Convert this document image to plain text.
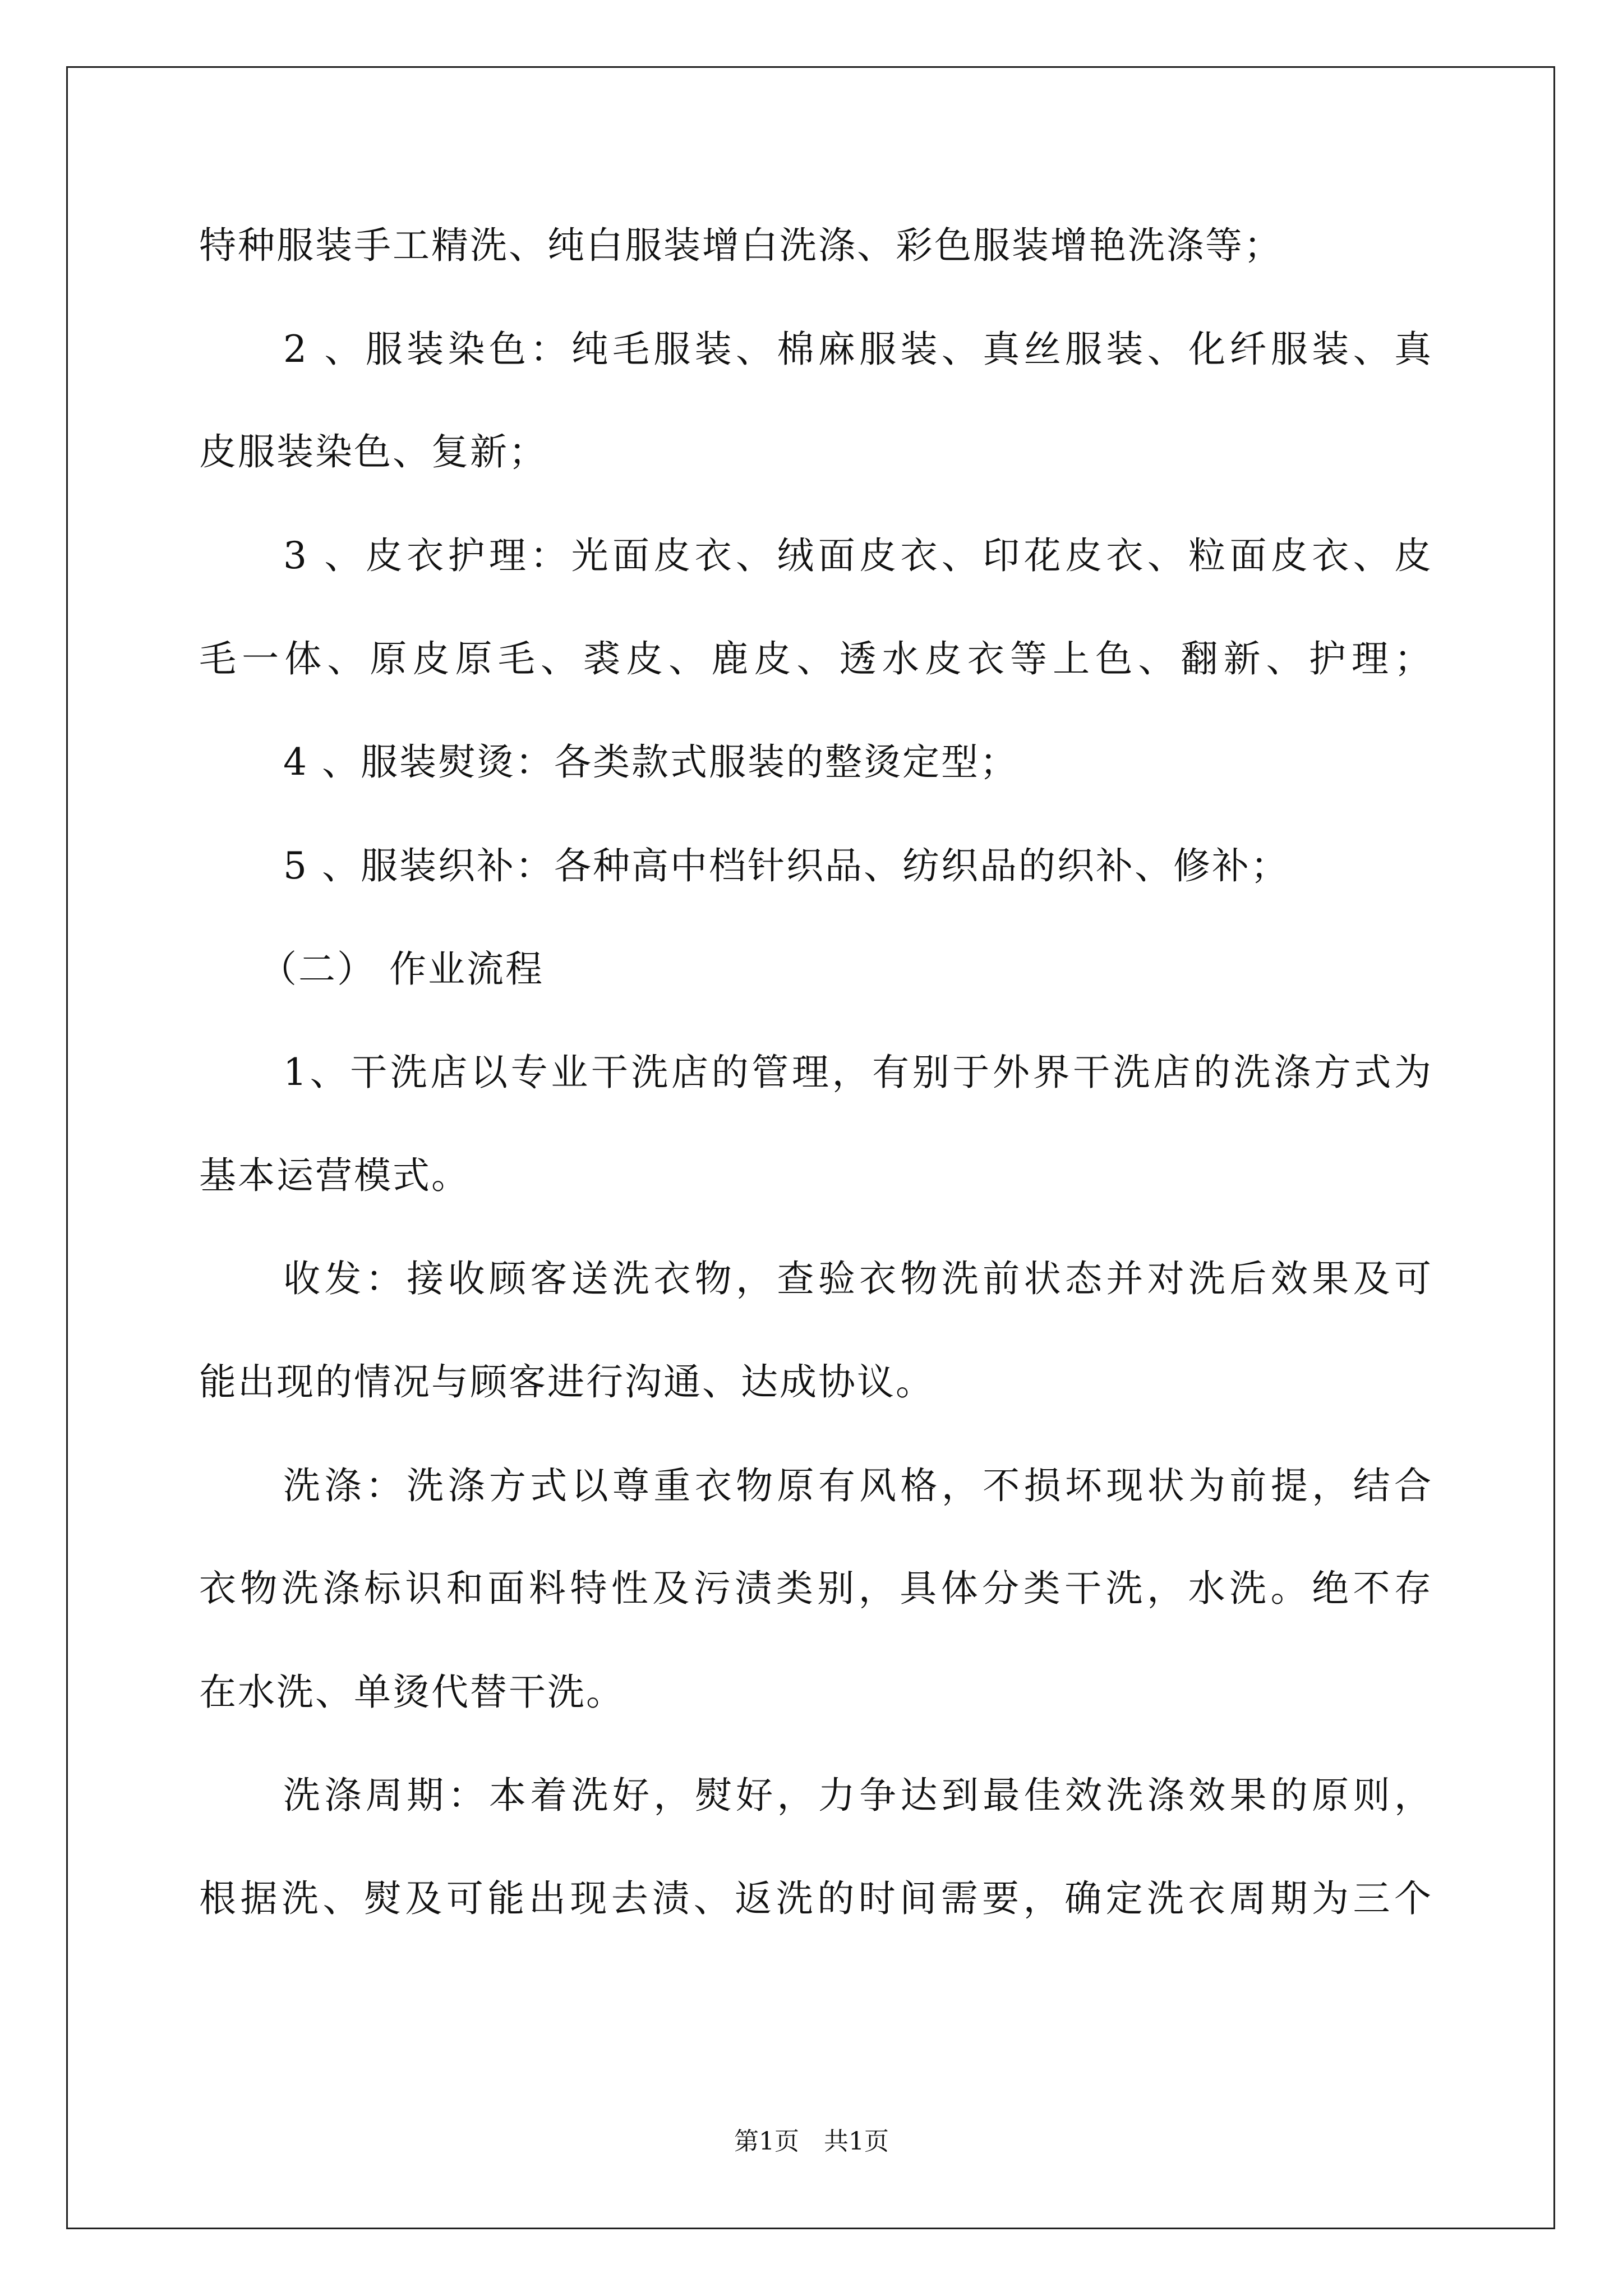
特种服装手工精洗、纯白服装增白洗涤、彩色服装增艳洗涤等；
2 、服装染色：纯毛服装、棉麻服装、真丝服装、化纤服装、真
皮服装染色、复新；
3 、皮衣护理：光面皮衣、绒面皮衣、印花皮衣、粒面皮衣、皮
毛一体、原皮原毛、裘皮、鹿皮、透水皮衣等上色、翻新、护理；
4 、服装熨烫：各类款式服装的整烫定型；
5 、服装织补：各种高中档针织品、纺织品的织补、修补；
（二） 作业流程
1、干洗店以专业干洗店的管理，有别于外界干洗店的洗涤方式为
基本运营模式。
收发：接收顾客送洗衣物，查验衣物洗前状态并对洗后效果及可
能出现的情况与顾客进行沟通、达成协议。
洗涤：洗涤方式以尊重衣物原有风格，不损坏现状为前提，结合
衣物洗涤标识和面料特性及污渍类别，具体分类干洗，水洗。绝不存
在水洗、单烫代替干洗。
洗涤周期：本着洗好，熨好，力争达到最佳效洗涤效果的原则，
根据洗、熨及可能出现去渍、返洗的时间需要，确定洗衣周期为三个
第1页　共1页
